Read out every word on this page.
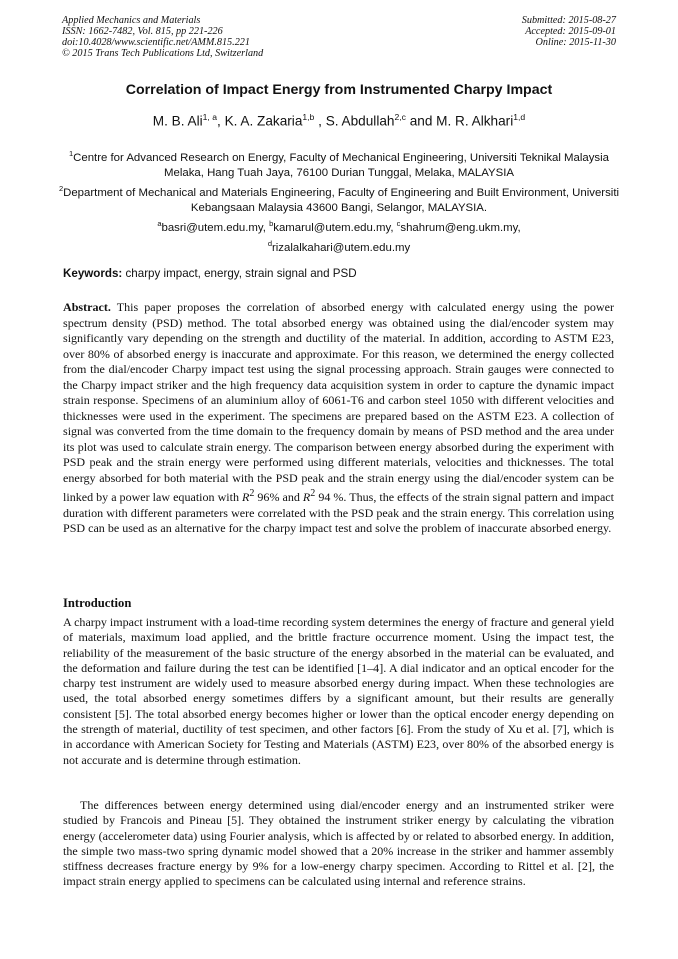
Applied Mechanics and Materials
ISSN: 1662-7482, Vol. 815, pp 221-226
doi:10.4028/www.scientific.net/AMM.815.221
© 2015 Trans Tech Publications Ltd, Switzerland
Submitted: 2015-08-27
Accepted: 2015-09-01
Online: 2015-11-30
Correlation of Impact Energy from Instrumented Charpy Impact
M. B. Ali$^{1, a}$, K. A. Zakaria$^{1,b}$ , S. Abdullah$^{2,c}$ and M. R. Alkhari$^{1,d}$
$^1$Centre for Advanced Research on Energy, Faculty of Mechanical Engineering, Universiti Teknikal Malaysia Melaka, Hang Tuah Jaya, 76100 Durian Tunggal, Melaka, MALAYSIA
$^2$Department of Mechanical and Materials Engineering, Faculty of Engineering and Built Environment, Universiti Kebangsaan Malaysia 43600 Bangi, Selangor, MALAYSIA.
$^a$basri@utem.edu.my, $^b$kamarul@utem.edu.my, $^c$shahrum@eng.ukm.my,
$^d$rizalalkahari@utem.edu.my
Keywords: charpy impact, energy, strain signal and PSD
Abstract. This paper proposes the correlation of absorbed energy with calculated energy using the power spectrum density (PSD) method. The total absorbed energy was obtained using the dial/encoder system may significantly vary depending on the strength and ductility of the material. In addition, according to ASTM E23, over 80% of absorbed energy is inaccurate and approximate. For this reason, we determined the energy collected from the dial/encoder Charpy impact test using the signal processing approach. Strain gauges were connected to the Charpy impact striker and the high frequency data acquisition system in order to capture the dynamic impact strain response. Specimens of an aluminium alloy of 6061-T6 and carbon steel 1050 with different velocities and thicknesses were used in the experiment. The specimens are prepared based on the ASTM E23. A collection of signal was converted from the time domain to the frequency domain by means of PSD method and the area under its plot was used to calculate strain energy. The comparison between energy absorbed during the experiment with PSD peak and the strain energy were performed using different materials, velocities and thicknesses. The total energy absorbed for both material with the PSD peak and the strain energy using the dial/encoder system can be linked by a power law equation with $R^2$ 96% and $R^2$ 94 %. Thus, the effects of the strain signal pattern and impact duration with different parameters were correlated with the PSD peak and the strain energy. This correlation using PSD can be used as an alternative for the charpy impact test and solve the problem of inaccurate absorbed energy.
Introduction
A charpy impact instrument with a load-time recording system determines the energy of fracture and general yield of materials, maximum load applied, and the brittle fracture occurrence moment. Using the impact test, the reliability of the measurement of the basic structure of the energy absorbed in the material can be evaluated, and the deformation and failure during the test can be identified [1–4]. A dial indicator and an optical encoder for the charpy test instrument are widely used to measure absorbed energy during impact. When these technologies are used, the total absorbed energy sometimes differs by a significant amount, but their results are generally consistent [5]. The total absorbed energy becomes higher or lower than the optical encoder energy depending on the strength of material, ductility of test specimen, and other factors [6]. From the study of Xu et al. [7], which is in accordance with American Society for Testing and Materials (ASTM) E23, over 80% of the absorbed energy is not accurate and is determine through estimation.
The differences between energy determined using dial/encoder energy and an instrumented striker were studied by Francois and Pineau [5]. They obtained the instrument striker energy by calculating the vibration energy (accelerometer data) using Fourier analysis, which is affected by or related to absorbed energy. In addition, the simple two mass-two spring dynamic model showed that a 20% increase in the striker and hammer assembly stiffness decreases fracture energy by 9% for a low-energy charpy specimen. According to Rittel et al. [2], the impact strain energy applied to specimens can be calculated using internal and reference strains.
